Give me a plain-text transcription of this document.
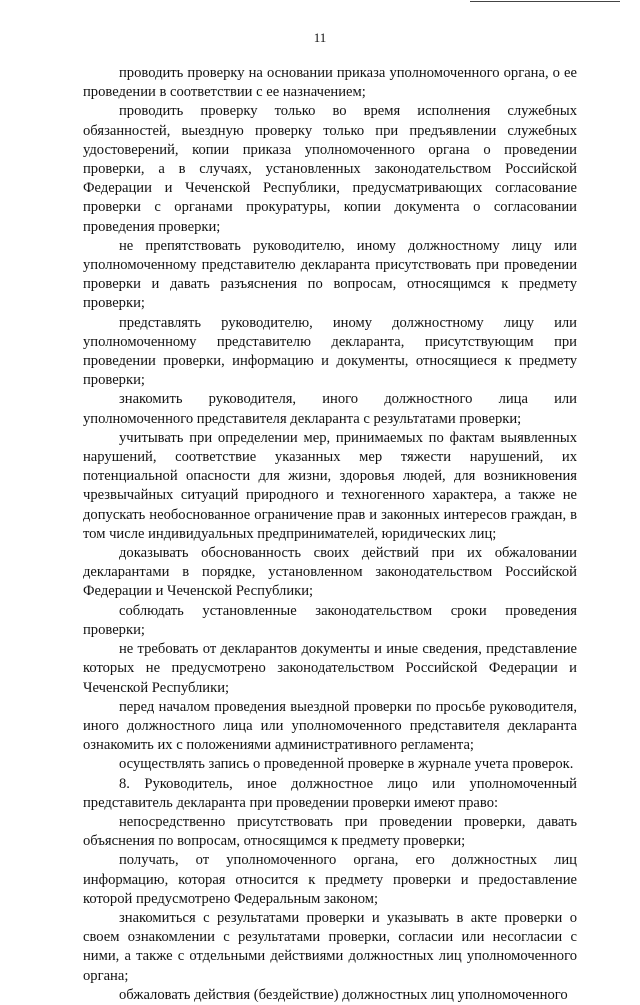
11

проводить проверку на основании приказа уполномоченного органа, о ее проведении в соответствии с ее назначением;

проводить проверку только во время исполнения служебных обязанностей, выездную проверку только при предъявлении служебных удостоверений, копии приказа уполномоченного органа о проведении проверки, а в случаях, установленных законодательством Российской Федерации и Чеченской Республики, предусматривающих согласование проверки с органами прокуратуры, копии документа о согласовании проведения проверки;

не препятствовать руководителю, иному должностному лицу или уполномоченному представителю декларанта присутствовать при проведении проверки и давать разъяснения по вопросам, относящимся к предмету проверки;

представлять руководителю, иному должностному лицу или уполномоченному представителю декларанта, присутствующим при проведении проверки, информацию и документы, относящиеся к предмету проверки;

знакомить руководителя, иного должностного лица или уполномоченного представителя декларанта с результатами проверки;

учитывать при определении мер, принимаемых по фактам выявленных нарушений, соответствие указанных мер тяжести нарушений, их потенциальной опасности для жизни, здоровья людей, для возникновения чрезвычайных ситуаций природного и техногенного характера, а также не допускать необоснованное ограничение прав и законных интересов граждан, в том числе индивидуальных предпринимателей, юридических лиц;

доказывать обоснованность своих действий при их обжаловании декларантами в порядке, установленном законодательством Российской Федерации и Чеченской Республики;

соблюдать установленные законодательством сроки проведения проверки;

не требовать от декларантов документы и иные сведения, представление которых не предусмотрено законодательством Российской Федерации и Чеченской Республики;

перед началом проведения выездной проверки по просьбе руководителя, иного должностного лица или уполномоченного представителя декларанта ознакомить их с положениями административного регламента;

осуществлять запись о проведенной проверке в журнале учета проверок.

8. Руководитель, иное должностное лицо или уполномоченный представитель декларанта при проведении проверки имеют право:

непосредственно присутствовать при проведении проверки, давать объяснения по вопросам, относящимся к предмету проверки;

получать, от уполномоченного органа, его должностных лиц информацию, которая относится к предмету проверки и предоставление которой предусмотрено Федеральным законом;

знакомиться с результатами проверки и указывать в акте проверки о своем ознакомлении с результатами проверки, согласии или несогласии с ними, а также с отдельными действиями должностных лиц уполномоченного органа;

обжаловать действия (бездействие) должностных лиц уполномоченного
